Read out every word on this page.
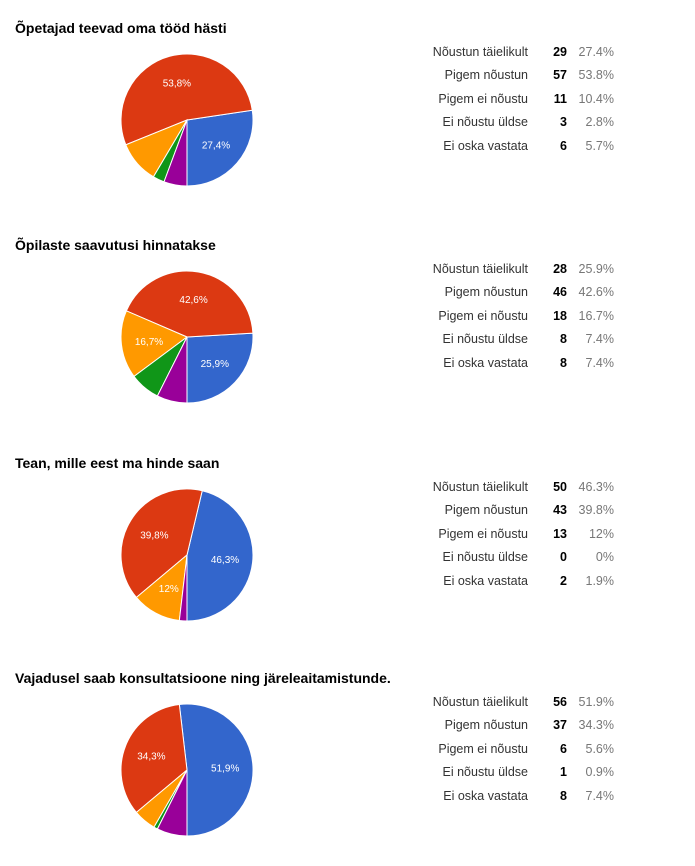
Õpetajad teevad oma tööd hästi
27,4%
53,8%
Nõustun täielikult 29 27.4%
Pigem nõustun 57 53.8%
Pigem ei nõustu 11 10.4%
Ei nõustu üldse	3 2.8%
Ei oska vastata	6 5.7%
Õpilaste saavutusi hinnatakse
25,9%
42,6%
16,7%
Nõustun täielikult 28 25.9%
Pigem nõustun 46 42.6%
Pigem ei nõustu 18 16.7%
Ei nõustu üldse	8 7.4%
Ei oska vastata	8 7.4%
Tean, mille eest ma hinde saan
46,3%
39,8%
12%
Nõustun täielikult 50 46.3%
Pigem nõustun 43 39.8%
Pigem ei nõustu 13 12%
Ei nõustu üldse	0 0%
Ei oska vastata	2 1.9%
Vajadusel saab konsultatsioone ning järeleaitamistunde.
51,9%
34,3%
Nõustun täielikult 56 51.9%
Pigem nõustun 37 34.3%
Pigem ei nõustu	6 5.6%
Ei nõustu üldse	1 0.9%
Ei oska vastata	8 7.4%
